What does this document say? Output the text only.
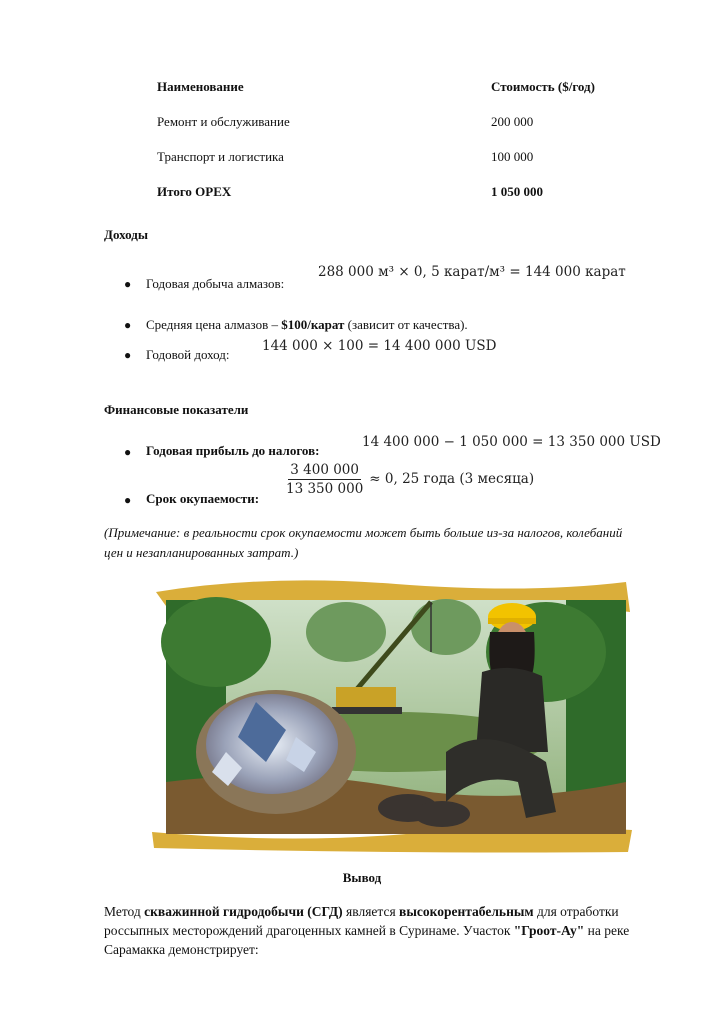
Наименование	Стоимость ($/год)
Ремонт и обслуживание	200 000
Транспорт и логистика	100 000
Итого OPEX	1 050 000
Доходы
● Годовая добыча алмазов:
288 000 м³ × 0, 5 карат/м³ = 144 000 карат
● Средняя цена алмазов – $100/карат (зависит от качества).
● Годовой доход:
144 000 × 100 = 14 400 000 USD
Финансовые показатели
● Годовая прибыль до налогов:
14 400 000 − 1 050 000 = 13 350 000 USD
● Срок окупаемости:
$\frac{3 400 000}{13 350 000} \approx 0$, 25 года (3 месяца)
(Примечание: в реальности срок окупаемости может быть больше из-за налогов, колебаний цен и незапланированных затрат.)
Вывод
Метод скважинной гидродобычи (СГД) является высокорентабельным для отработки россыпных месторождений драгоценных камней в Суринаме. Участок "Гроот-Ау" на реке Сарамакка демонстрирует:
